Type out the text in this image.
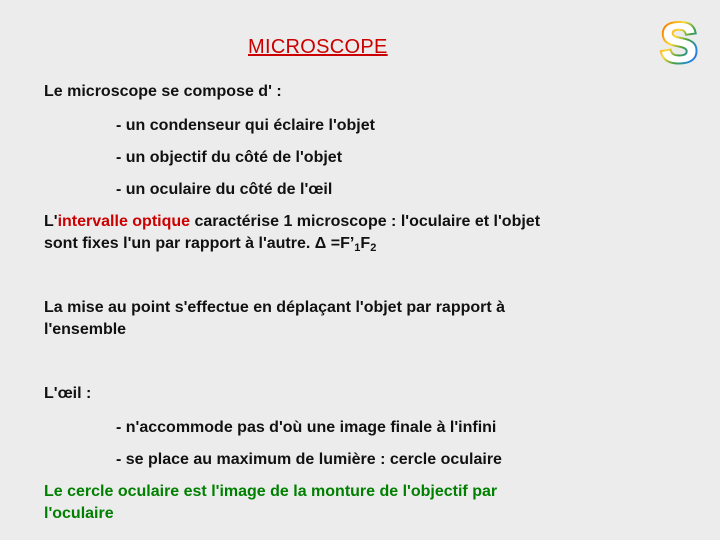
MICROSCOPE	S
Le microscope se compose d' :
- un condenseur qui éclaire l'objet
- un objectif du côté de l'objet
- un oculaire du côté de l'œil
L'intervalle optique caractérise 1 microscope : l'oculaire et l'objet
sont fixes l'un par rapport à l'autre. $\Delta =F’_1F_2$
La mise au point s'effectue en déplaçant l'objet par rapport à
l'ensemble
L'œil :
- n'accommode pas d'où une image finale à l'infini
- se place au maximum de lumière : cercle oculaire
Le cercle oculaire est l'image de la monture de l'objectif par
l'oculaire
